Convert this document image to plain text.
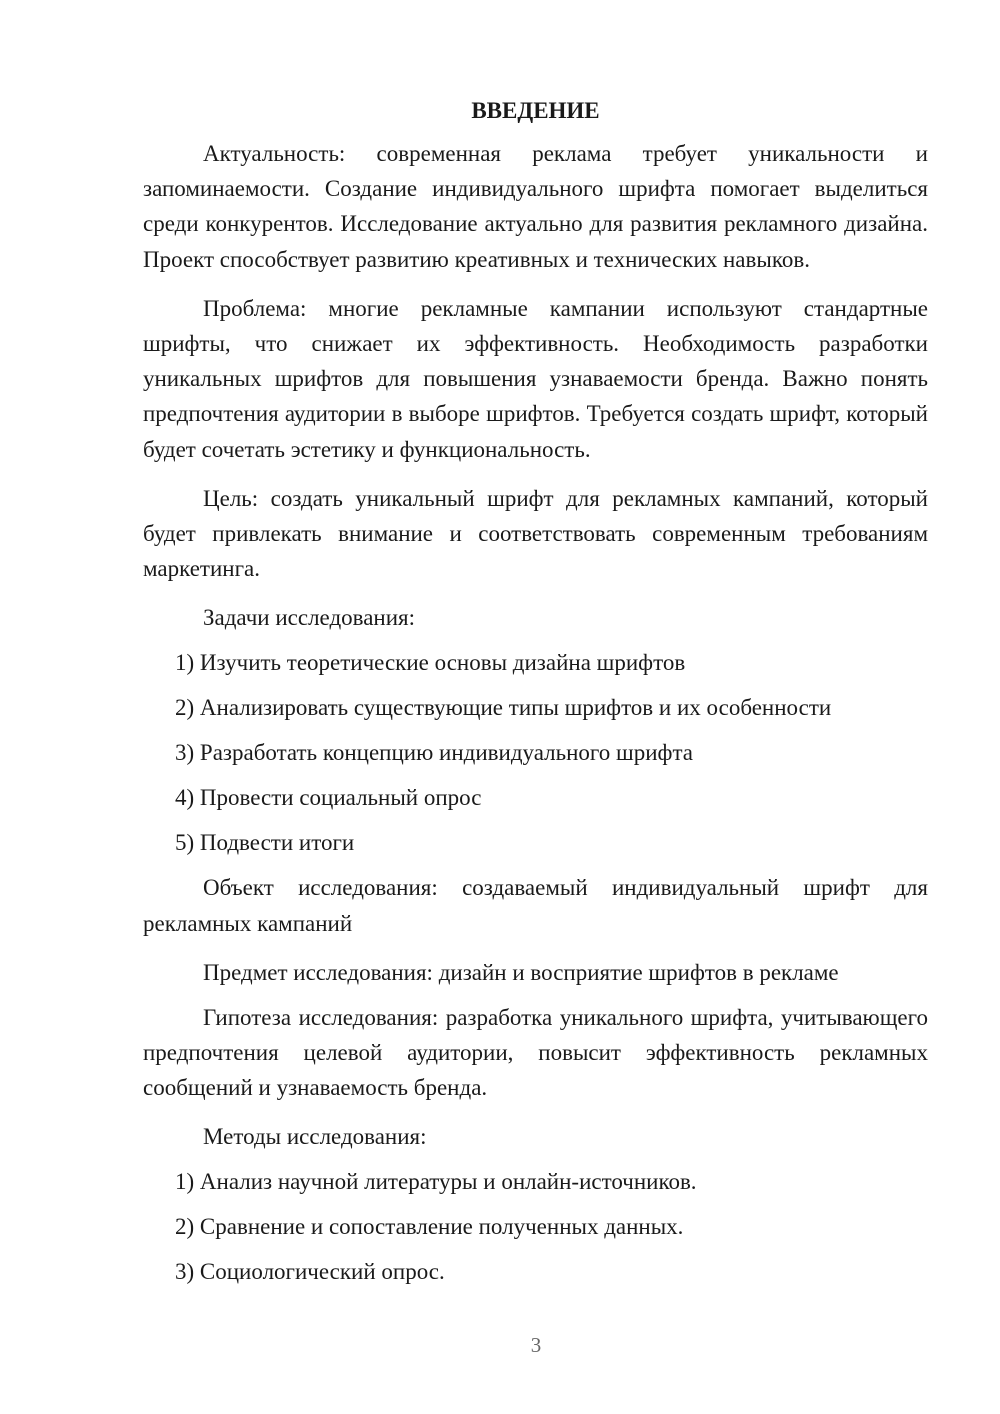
ВВЕДЕНИЕ

Актуальность: современная реклама требует уникальности и запоминаемости. Создание индивидуального шрифта помогает выделиться среди конкурентов. Исследование актуально для развития рекламного дизайна. Проект способствует развитию креативных и технических навыков.

Проблема: многие рекламные кампании используют стандартные шрифты, что снижает их эффективность. Необходимость разработки уникальных шрифтов для повышения узнаваемости бренда. Важно понять предпочтения аудитории в выборе шрифтов. Требуется создать шрифт, который будет сочетать эстетику и функциональность.

Цель: создать уникальный шрифт для рекламных кампаний, который будет привлекать внимание и соответствовать современным требованиям маркетинга.

Задачи исследования:

1) Изучить теоретические основы дизайна шрифтов
2) Анализировать существующие типы шрифтов и их особенности
3) Разработать концепцию индивидуального шрифта
4) Провести социальный опрос
5) Подвести итоги

Объект исследования: создаваемый индивидуальный шрифт для рекламных кампаний

Предмет исследования: дизайн и восприятие шрифтов в рекламе

Гипотеза исследования: разработка уникального шрифта, учитывающего предпочтения целевой аудитории, повысит эффективность рекламных сообщений и узнаваемость бренда.

Методы исследования:

1) Анализ научной литературы и онлайн-источников.
2) Сравнение и сопоставление полученных данных.
3) Социологический опрос.
3
